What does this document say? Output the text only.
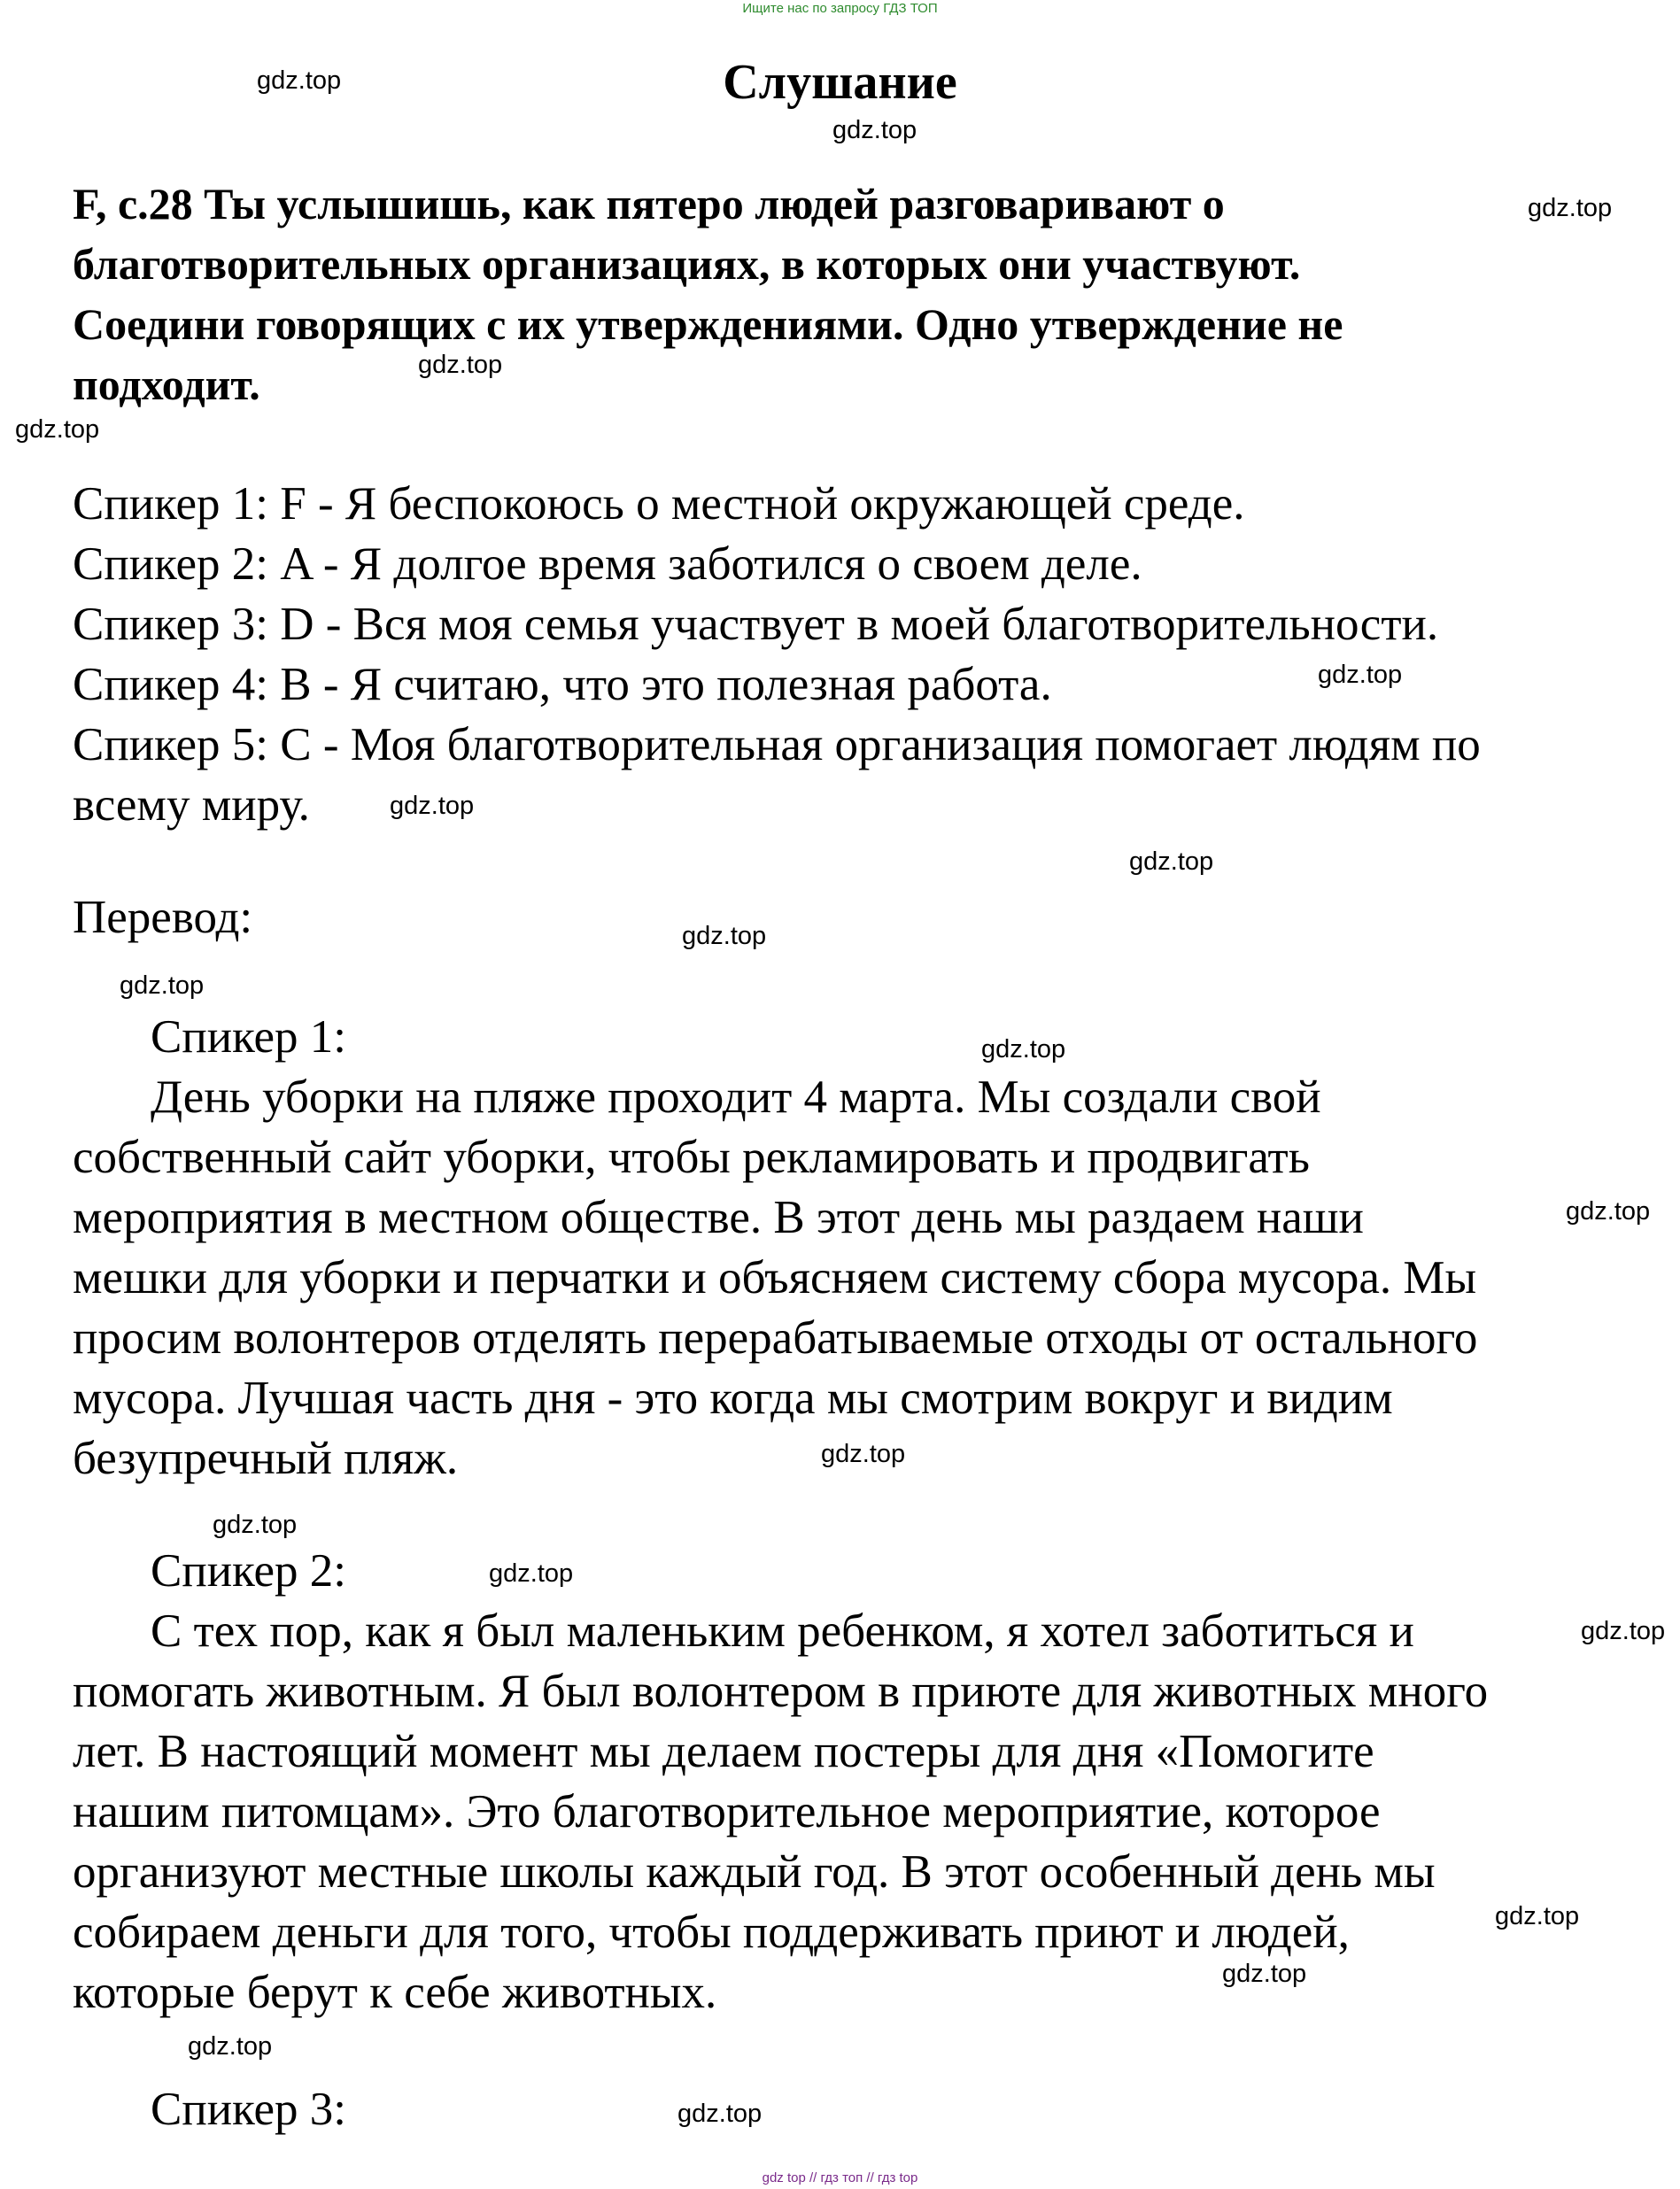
Ищите нас по запросу ГДЗ ТОП
Слушание
F, с.28 Ты услышишь, как пятеро людей разговаривают о
благотворительных организациях, в которых они участвуют.
Соедини говорящих с их утверждениями. Одно утверждение не
подходит.
Спикер 1: F - Я беспокоюсь о местной окружающей среде.
Спикер 2: A - Я долгое время заботился о своем деле.
Спикер 3: D - Вся моя семья участвует в моей благотворительности.
Спикер 4: B - Я считаю, что это полезная работа.
Спикер 5: C - Моя благотворительная организация помогает людям по
всему миру.
Перевод:
Спикер 1:
День уборки на пляже проходит 4 марта. Мы создали свой
собственный сайт уборки, чтобы рекламировать и продвигать
мероприятия в местном обществе. В этот день мы раздаем наши
мешки для уборки и перчатки и объясняем систему сбора мусора. Мы
просим волонтеров отделять перерабатываемые отходы от остального
мусора. Лучшая часть дня - это когда мы смотрим вокруг и видим
безупречный пляж.
Спикер 2:
С тех пор, как я был маленьким ребенком, я хотел заботиться и
помогать животным. Я был волонтером в приюте для животных много
лет. В настоящий момент мы делаем постеры для дня «Помогите
нашим питомцам». Это благотворительное мероприятие, которое
организуют местные школы каждый год. В этот особенный день мы
собираем деньги для того, чтобы поддерживать приют и людей,
которые берут к себе животных.
Спикер 3:
gdz.top
gdz.top
gdz.top
gdz.top
gdz.top
gdz.top
gdz.top
gdz.top
gdz.top
gdz.top
gdz.top
gdz.top
gdz.top
gdz.top
gdz.top
gdz.top
gdz.top
gdz.top
gdz.top
gdz.top
gdz top // гдз топ // гдз top
